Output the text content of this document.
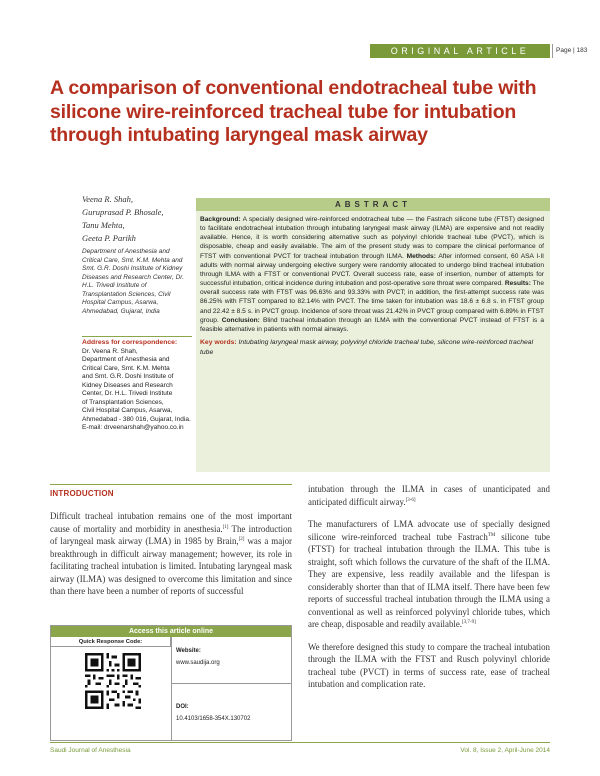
ORIGINAL ARTICLE	Page | 183
A comparison of conventional endotracheal tube with silicone wire-reinforced tracheal tube for intubation through intubating laryngeal mask airway
Veena R. Shah,
Guruprasad P. Bhosale,
Tanu Mehta,
Geeta P. Parikh
Department of Anesthesia and Critical Care, Smt. K.M. Mehta and Smt. G.R. Doshi Institute of Kidney Diseases and Research Center, Dr. H.L. Trivedi Institute of Transplantation Sciences, Civil Hospital Campus, Asarwa, Ahmedabad, Gujarat, India
Address for correspondence:
Dr. Veena R. Shah,
Department of Anesthesia and
Critical Care, Smt. K.M. Mehta
and Smt. G.R. Doshi Institute of
Kidney Diseases and Research
Center, Dr. H.L. Trivedi Institute
of Transplantation Sciences,
Civil Hospital Campus, Asarwa,
Ahmedabad - 380 016, Gujarat, India.
E-mail: drveenarshah@yahoo.co.in
ABSTRACT
Background: A specially designed wire-reinforced endotracheal tube — the Fastrach silicone tube (FTST) designed to facilitate endotracheal intubation through intubating laryngeal mask airway (ILMA) are expensive and not readily available. Hence, it is worth considering alternative such as polyvinyl chloride tracheal tube (PVCT), which is disposable, cheap and easily available. The aim of the present study was to compare the clinical performance of FTST with conventional PVCT for tracheal intubation through ILMA. Methods: After informed consent, 60 ASA I-II adults with normal airway undergoing elective surgery were randomly allocated to undergo blind tracheal intubation through ILMA with a FTST or conventional PVCT. Overall success rate, ease of insertion, number of attempts for successful intubation, critical incidence during intubation and post-operative sore throat were compared. Results: The overall success rate with FTST was 96.63% and 93.33% with PVCT; in addition, the first-attempt success rate was 86.25% with FTST compared to 82.14% with PVCT. The time taken for intubation was 18.6 ± 6.8 s. in FTST group and 22.42 ± 8.5 s. in PVCT group. Incidence of sore throat was 21.42% in PVCT group compared with 6.89% in FTST group. Conclusion: Blind tracheal intubation through an ILMA with the conventional PVCT instead of FTST is a feasible alternative in patients with normal airways.
Key words: Intubating laryngeal mask airway, polyvinyl chloride tracheal tube, silicone wire-reinforced tracheal tube
INTRODUCTION
Difficult tracheal intubation remains one of the most important cause of mortality and morbidity in anesthesia.[1] The introduction of laryngeal mask airway (LMA) in 1985 by Brain,[2] was a major breakthrough in difficult airway management; however, its role in facilitating tracheal intubation is limited. Intubating laryngeal mask airway (ILMA) was designed to overcome this limitation and since than there have been a number of reports of successful
Access this article online
Quick Response Code:
Website:
www.saudija.org
DOI:
10.4103/1658-354X.130702

intubation through the ILMA in cases of unanticipated and anticipated difficult airway.[3-6]

The manufacturers of LMA advocate use of specially designed silicone wire-reinforced tracheal tube Fastrach™ silicone tube (FTST) for tracheal intubation through the ILMA. This tube is straight, soft which follows the curvature of the shaft of the ILMA. They are expensive, less readily available and the lifespan is considerably shorter than that of ILMA itself. There have been few reports of successful tracheal intubation through the ILMA using a conventional as well as reinforced polyvinyl chloride tubes, which are cheap, disposable and readily available.[3,7-9]

We therefore designed this study to compare the tracheal intubation through the ILMA with the FTST and Rusch polyvinyl chloride tracheal tube (PVCT) in terms of success rate, ease of tracheal intubation and complication rate.

Saudi Journal of Anesthesia	Vol. 8, Issue 2, April-June 2014
